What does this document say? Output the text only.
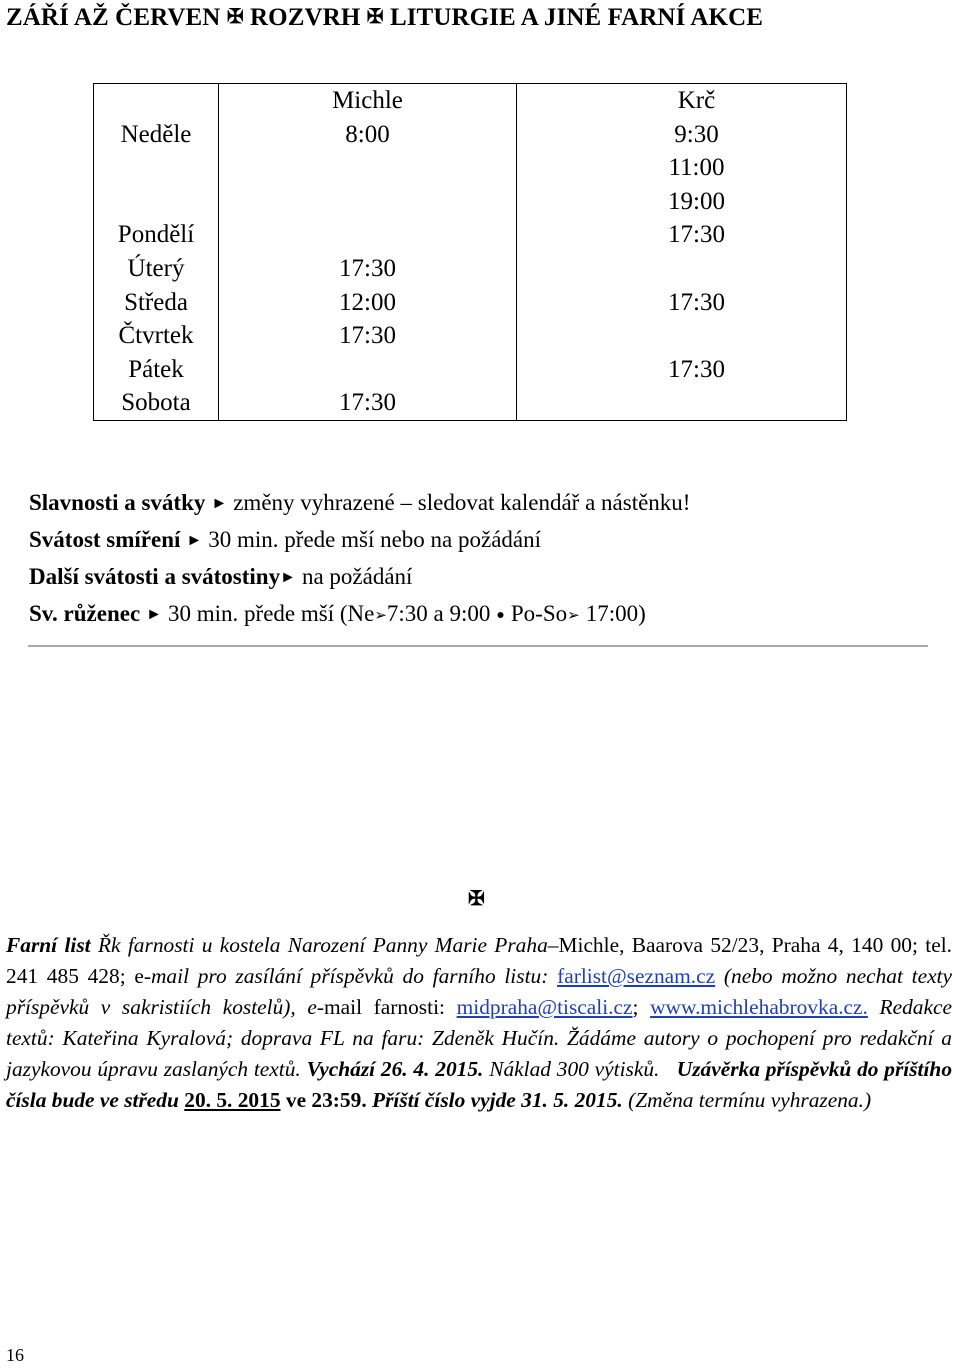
ZÁŘÍ AŽ ČERVEN ✠ ROZVRH ✠ LITURGIE A JINÉ FARNÍ AKCE
	Michle	Krč
Neděle	8:00	9:30
		11:00
		19:00
Pondělí		17:30
Úterý	17:30	
Středa	12:00	17:30
Čtvrtek	17:30	
Pátek		17:30
Sobota	17:30	
Slavnosti a svátky ► změny vyhrazené – sledovat kalendář a nástěnku!
Svátost smíření ► 30 min. přede mší nebo na požádání
Další svátosti a svátostiny► na požádání
Sv. růženec ► 30 min. přede mší (Ne➢7:30 a 9:00 ● Po-So➢ 17:00)
✠
Farní list Řk farnosti u kostela Narození Panny Marie Praha–Michle, Baarova 52/23, Praha 4, 140 00; tel. 241 485 428; e-mail pro zasílání příspěvků do farního listu: farlist@seznam.cz (nebo možno nechat texty příspěvků v sakristiích kostelů), e-mail farnosti: midpraha@tiscali.cz; www.michlehabrovka.cz. Redakce textů: Kateřina Kyralová; doprava FL na faru: Zdeněk Hučín. Žádáme autory o pochopení pro redakční a jazykovou úpravu zaslaných textů. Vychází 26. 4. 2015. Náklad 300 výtisků. Uzávěrka příspěvků do příštího čísla bude ve středu 20. 5. 2015 ve 23:59. Příští číslo vyjde 31. 5. 2015. (Změna termínu vyhrazena.)
16
